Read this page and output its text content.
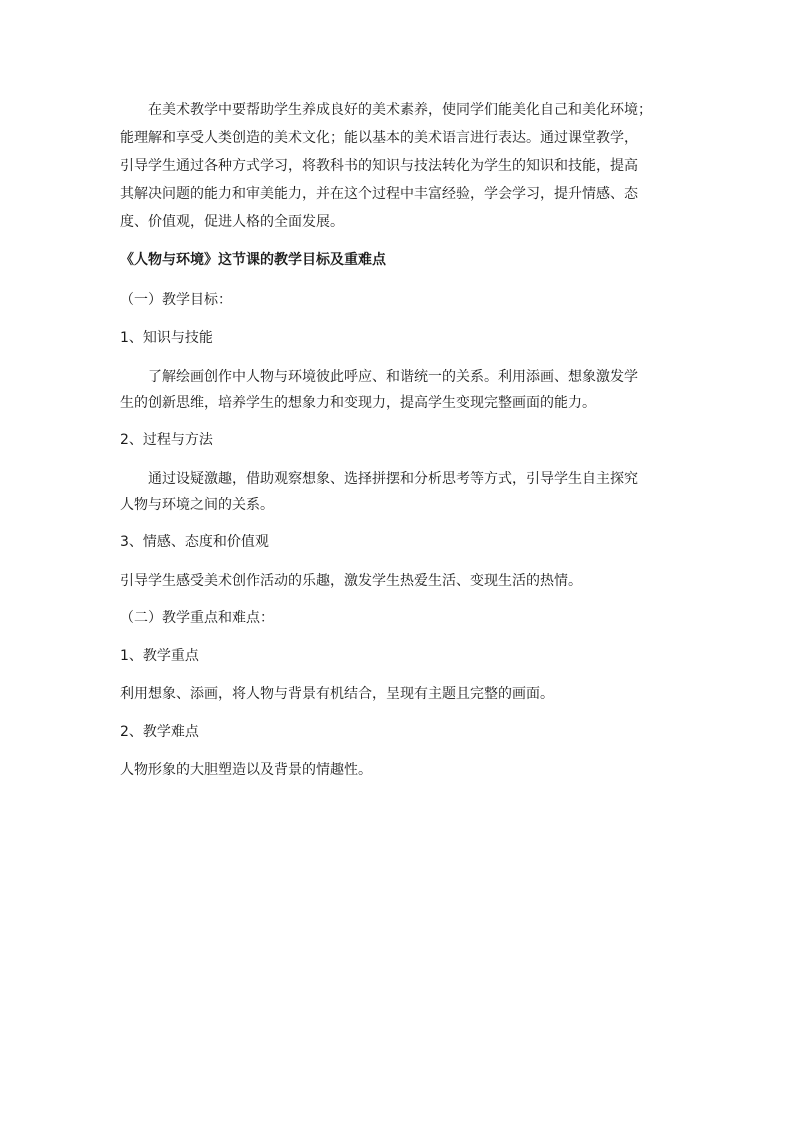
在美术教学中要帮助学生养成良好的美术素养，使同学们能美化自己和美化环境；
能理解和享受人类创造的美术文化；能以基本的美术语言进行表达。通过课堂教学，
引导学生通过各种方式学习，将教科书的知识与技法转化为学生的知识和技能，提高
其解决问题的能力和审美能力，并在这个过程中丰富经验，学会学习，提升情感、态
度、价值观，促进人格的全面发展。
《人物与环境》这节课的教学目标及重难点
（一）教学目标：
1、知识与技能
了解绘画创作中人物与环境彼此呼应、和谐统一的关系。利用添画、想象激发学
生的创新思维，培养学生的想象力和变现力，提高学生变现完整画面的能力。
2、过程与方法
通过设疑激趣，借助观察想象、选择拼摆和分析思考等方式，引导学生自主探究
人物与环境之间的关系。
3、情感、态度和价值观
引导学生感受美术创作活动的乐趣，激发学生热爱生活、变现生活的热情。
（二）教学重点和难点：
1、教学重点
利用想象、添画，将人物与背景有机结合，呈现有主题且完整的画面。
2、教学难点
人物形象的大胆塑造以及背景的情趣性。
